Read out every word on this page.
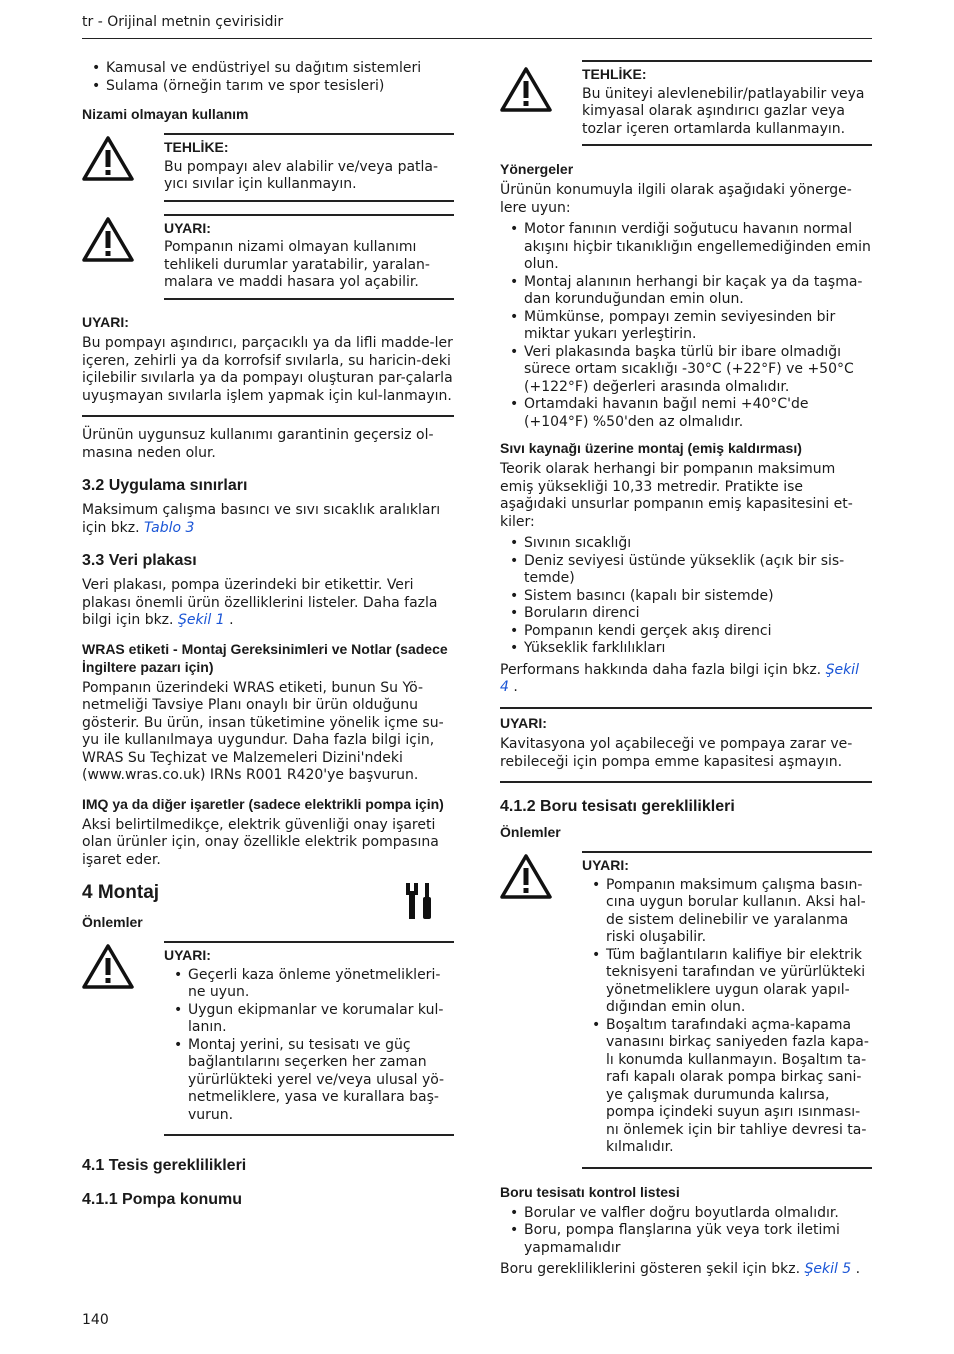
tr - Orijinal metnin çevirisidir
• Kamusal ve endüstriyel su dağıtım sistemleri
• Sulama (örneğin tarım ve spor tesisleri)
Nizami olmayan kullanım
TEHLİKE:
Bu pompayı alev alabilir ve/veya patla-yıcı sıvılar için kullanmayın.
UYARI:
Pompanın nizami olmayan kullanımı tehlikeli durumlar yaratabilir, yaralan-malara ve maddi hasara yol açabilir.
UYARI:
Bu pompayı aşındırıcı, parçacıklı ya da lifli madde-ler içeren, zehirli ya da korrofsif sıvılarla, su haricin-deki içilebilir sıvılarla ya da pompayı oluşturan par-çalarla uyuşmayan sıvılarla işlem yapmak için kul-lanmayın.

Ürünün uygunsuz kullanımı garantinin geçersiz ol-masına neden olur.

3.2 Uygulama sınırları

Maksimum çalışma basıncı ve sıvı sıcaklık aralıkları için bkz. Tablo 3

3.3 Veri plakası

Veri plakası, pompa üzerindeki bir etikettir. Veri plakası önemli ürün özelliklerini listeler. Daha fazla bilgi için bkz. Şekil 1 .

WRAS etiketi - Montaj Gereksinimleri ve Notlar (sadece İngiltere pazarı için)

Pompanın üzerindeki WRAS etiketi, bunun Su Yö-netmeliği Tavsiye Planı onaylı bir ürün olduğunu gösterir. Bu ürün, insan tüketimine yönelik içme su-yu ile kullanılmaya uygundur. Daha fazla bilgi için, WRAS Su Teçhizat ve Malzemeleri Dizini'ndeki (www.wras.co.uk) IRNs R001 R420'ye başvurun.

IMQ ya da diğer işaretler (sadece elektrikli pompa için)

Aksi belirtilmedikçe, elektrik güvenliği onay işareti olan ürünler için, onay özellikle elektrik pompasına işaret eder.

4 Montaj
Önlemler
UYARI:
• Geçerli kaza önleme yönetmelikleri-ne uyun.
• Uygun ekipmanlar ve korumalar kul-lanın.
• Montaj yerini, su tesisatı ve güç bağlantılarını seçerken her zaman yürürlükteki yerel ve/veya ulusal yö-netmeliklere, yasa ve kurallara baş-vurun.
4.1 Tesis gereklilikleri
4.1.1 Pompa konumu
TEHLİKE:
Bu üniteyi alevlenebilir/patlayabilir veya kimyasal olarak aşındırıcı gazlar veya tozlar içeren ortamlarda kullanmayın.
Yönergeler

Ürünün konumuyla ilgili olarak aşağıdaki yönerge-lere uyun:

• Motor fanının verdiği soğutucu havanın normal akışını hiçbir tıkanıklığın engellemediğinden emin olun.
• Montaj alanının herhangi bir kaçak ya da taşma-dan korunduğundan emin olun.
• Mümkünse, pompayı zemin seviyesinden bir miktar yukarı yerleştirin.
• Veri plakasında başka türlü bir ibare olmadığı sürece ortam sıcaklığı -30°C (+22°F) ve +50°C (+122°F) değerleri arasında olmalıdır.
• Ortamdaki havanın bağıl nemi +40°C'de (+104°F) %50'den az olmalıdır.
Sıvı kaynağı üzerine montaj (emiş kaldırması)

Teorik olarak herhangi bir pompanın maksimum emiş yüksekliği 10,33 metredir. Pratikte ise aşağıdaki unsurlar pompanın emiş kapasitesini et-kiler:

• Sıvının sıcaklığı
• Deniz seviyesi üstünde yükseklik (açık bir sis-temde)
• Sistem basıncı (kapalı bir sistemde)
• Boruların direnci
• Pompanın kendi gerçek akış direnci
• Yükseklik farklılıkları

Performans hakkında daha fazla bilgi için bkz. Şekil 4 .

UYARI:
Kavitasyona yol açabileceği ve pompaya zarar ve-rebileceği için pompa emme kapasitesi aşmayın.
4.1.2 Boru tesisatı gereklilikleri
Önlemler
UYARI:
• Pompanın maksimum çalışma basın-cına uygun borular kullanın. Aksi hal-de sistem delinebilir ve yaralanma riski oluşabilir.
• Tüm bağlantıların kalifiye bir elektrik teknisyeni tarafından ve yürürlükteki yönetmeliklere uygun olarak yapıl-dığından emin olun.
• Boşaltım tarafındaki açma-kapama vanasını birkaç saniyeden fazla kapa-lı konumda kullanmayın. Boşaltım ta-rafı kapalı olarak pompa birkaç sani-ye çalışmak durumunda kalırsa, pompa içindeki suyun aşırı ısınması-nı önlemek için bir tahliye devresi ta-kılmalıdır.
Boru tesisatı kontrol listesi
• Borular ve valfler doğru boyutlarda olmalıdır.
• Boru, pompa flanşlarına yük veya tork iletimi yapmamalıdır

Boru gerekliliklerini gösteren şekil için bkz. Şekil 5 .

140
